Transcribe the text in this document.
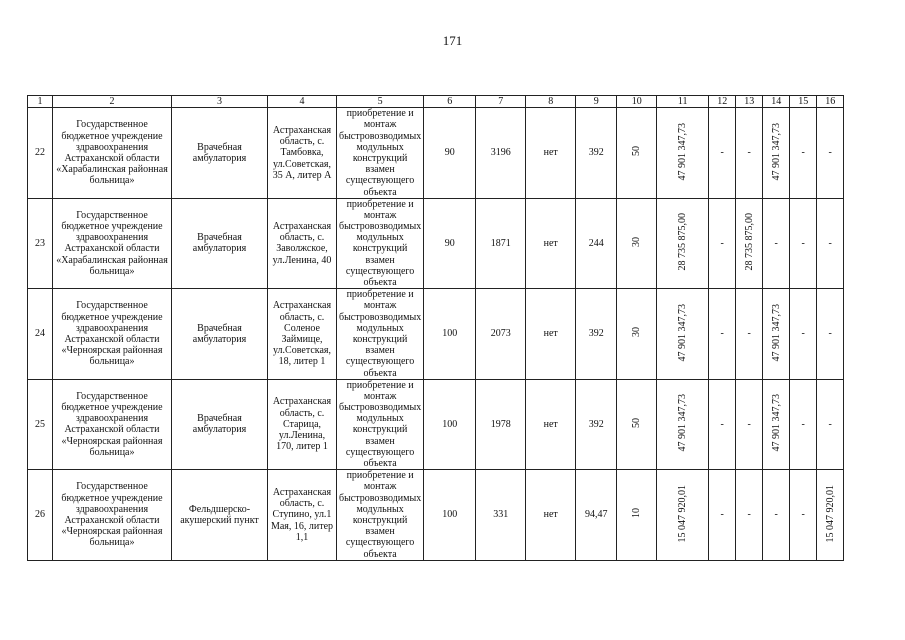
171
1	2	3	4	5	6	7	8	9	10	11	12	13	14	15	16
22	Государственное бюджетное учреждение здравоохранения Астраханской области «Харабалинская районная больница»	Врачебная амбулатория	Астраханская область, с. Тамбовка, ул.Советская, 35 А, литер А	приобретение и монтаж быстровозводимых модульных конструкций взамен существующего объекта	90	3196	нет	392	50	47 901 347,73	-	-	47 901 347,73	-	-
23	Государственное бюджетное учреждение здравоохранения Астраханской области «Харабалинская районная больница»	Врачебная амбулатория	Астраханская область, с. Заволжское, ул.Ленина, 40	приобретение и монтаж быстровозводимых модульных конструкций взамен существующего объекта	90	1871	нет	244	30	28 735 875,00	-	28 735 875,00	-	-	-
24	Государственное бюджетное учреждение здравоохранения Астраханской области «Черноярская районная больница»	Врачебная амбулатория	Астраханская область, с. Соленое Займище, ул.Советская, 18, литер 1	приобретение и монтаж быстровозводимых модульных конструкций взамен существующего объекта	100	2073	нет	392	30	47 901 347,73	-	-	47 901 347,73	-	-
25	Государственное бюджетное учреждение здравоохранения Астраханской области «Черноярская районная больница»	Врачебная амбулатория	Астраханская область, с. Старица, ул.Ленина, 170, литер 1	приобретение и монтаж быстровозводимых модульных конструкций взамен существующего объекта	100	1978	нет	392	50	47 901 347,73	-	-	47 901 347,73	-	-
26	Государственное бюджетное учреждение здравоохранения Астраханской области «Черноярская районная больница»	Фельдшерско-акушерский пункт	Астраханская область, с. Ступино, ул.1 Мая, 16, литер 1,1	приобретение и монтаж быстровозводимых модульных конструкций взамен существующего объекта	100	331	нет	94,47	10	15 047 920,01	-	-	-	-	15 047 920,01
